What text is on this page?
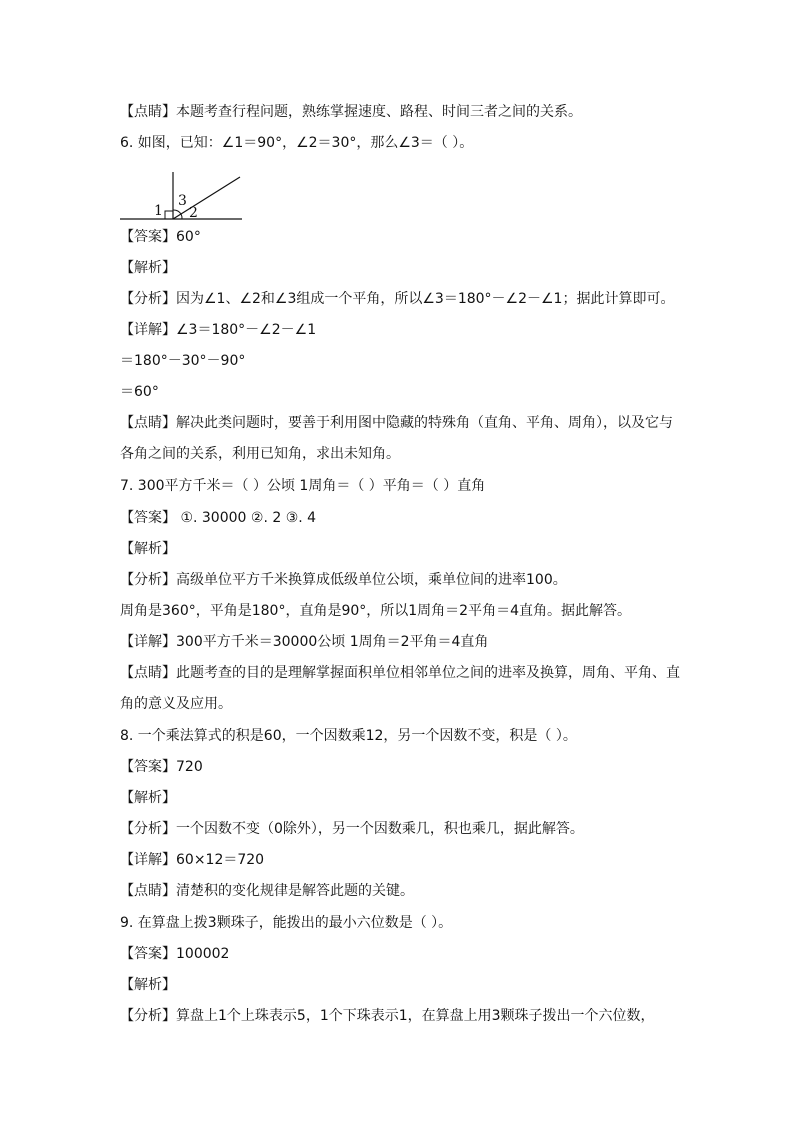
【点睛】本题考查行程问题，熟练掌握速度、路程、时间三者之间的关系。
6. 如图，已知：∠1＝90°，∠2＝30°，那么∠3＝（ ）。
【答案】60°
【解析】
【分析】因为∠1、∠2和∠3组成一个平角，所以∠3＝180°－∠2－∠1；据此计算即可。
【详解】∠3＝180°－∠2－∠1
＝180°－30°－90°
＝60°
【点睛】解决此类问题时，要善于利用图中隐藏的特殊角（直角、平角、周角），以及它与
各角之间的关系，利用已知角，求出未知角。
7. 300平方千米＝（ ）公顷 1周角＝（ ）平角＝（ ）直角
【答案】 ①. 30000 ②. 2 ③. 4
【解析】
【分析】高级单位平方千米换算成低级单位公顷，乘单位间的进率100。
周角是360°，平角是180°，直角是90°，所以1周角＝2平角＝4直角。据此解答。
【详解】300平方千米＝30000公顷 1周角＝2平角＝4直角
【点睛】此题考查的目的是理解掌握面积单位相邻单位之间的进率及换算，周角、平角、直
角的意义及应用。
8. 一个乘法算式的积是60，一个因数乘12，另一个因数不变，积是（ ）。
【答案】720
【解析】
【分析】一个因数不变（0除外），另一个因数乘几，积也乘几，据此解答。
【详解】60×12＝720
【点睛】清楚积的变化规律是解答此题的关键。
9. 在算盘上拨3颗珠子，能拨出的最小六位数是（ ）。
【答案】100002
【解析】
【分析】算盘上1个上珠表示5，1个下珠表示1，在算盘上用3颗珠子拨出一个六位数，
1 2
3
